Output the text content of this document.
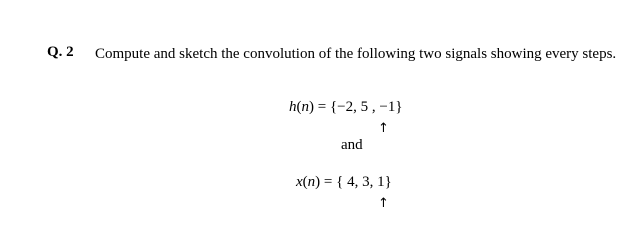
Q. 2 Compute and sketch the convolution of the following two signals showing every steps.
h(n) = {−2, 5 , −1}
↑
and
x(n) = { 4, 3, 1}
↑
